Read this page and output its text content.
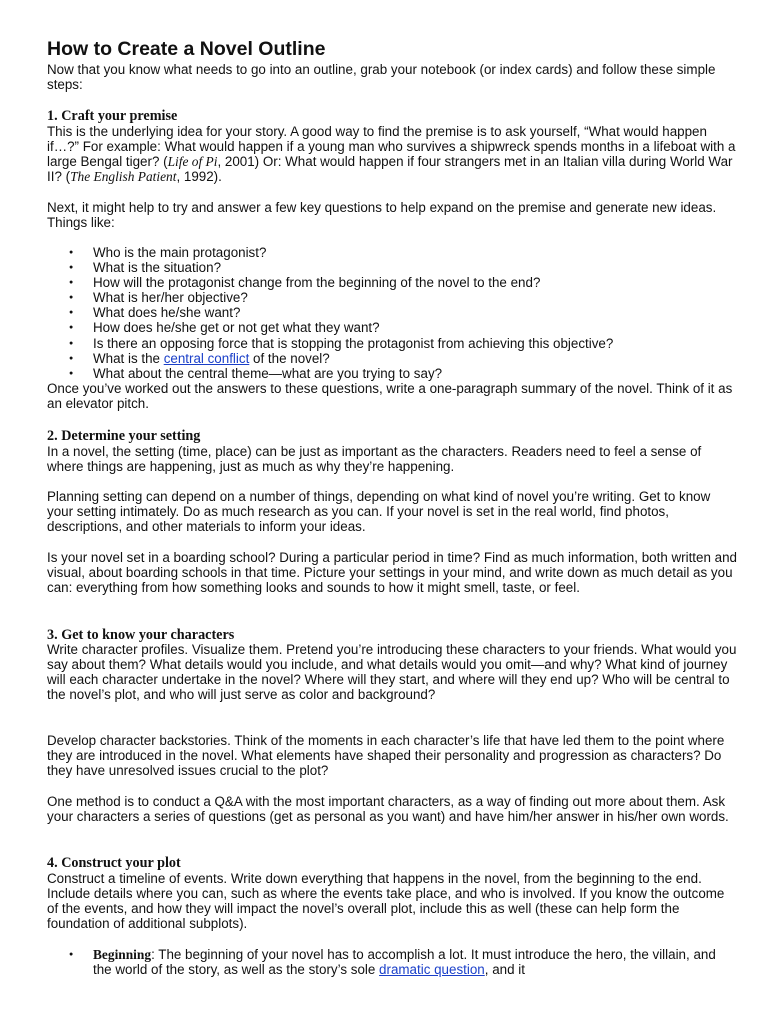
How to Create a Novel Outline

Now that you know what needs to go into an outline, grab your notebook (or index cards) and follow these simple steps:

1. Craft your premise

This is the underlying idea for your story. A good way to find the premise is to ask yourself, “What would happen if…?” For example: What would happen if a young man who survives a shipwreck spends months in a lifeboat with a large Bengal tiger? (Life of Pi, 2001) Or: What would happen if four strangers met in an Italian villa during World War II? (The English Patient, 1992).

Next, it might help to try and answer a few key questions to help expand on the premise and generate new ideas. Things like:

● Who is the main protagonist?
● What is the situation?
● How will the protagonist change from the beginning of the novel to the end?
● What is her/her objective?
● What does he/she want?
● How does he/she get or not get what they want?
● Is there an opposing force that is stopping the protagonist from achieving this objective?
● What is the central conflict of the novel?
● What about the central theme—what are you trying to say?

Once you’ve worked out the answers to these questions, write a one-paragraph summary of the novel. Think of it as an elevator pitch.

2. Determine your setting

In a novel, the setting (time, place) can be just as important as the characters. Readers need to feel a sense of where things are happening, just as much as why they’re happening.

Planning setting can depend on a number of things, depending on what kind of novel you’re writing. Get to know your setting intimately. Do as much research as you can. If your novel is set in the real world, find photos, descriptions, and other materials to inform your ideas.

Is your novel set in a boarding school? During a particular period in time? Find as much information, both written and visual, about boarding schools in that time. Picture your settings in your mind, and write down as much detail as you can: everything from how something looks and sounds to how it might smell, taste, or feel.

3. Get to know your characters

Write character profiles. Visualize them. Pretend you’re introducing these characters to your friends. What would you say about them? What details would you include, and what details would you omit—and why? What kind of journey will each character undertake in the novel? Where will they start, and where will they end up? Who will be central to the novel’s plot, and who will just serve as color and background?

Develop character backstories. Think of the moments in each character’s life that have led them to the point where they are introduced in the novel. What elements have shaped their personality and progression as characters? Do they have unresolved issues crucial to the plot?

One method is to conduct a Q&A with the most important characters, as a way of finding out more about them. Ask your characters a series of questions (get as personal as you want) and have him/her answer in his/her own words.

4. Construct your plot

Construct a timeline of events. Write down everything that happens in the novel, from the beginning to the end. Include details where you can, such as where the events take place, and who is involved. If you know the outcome of the events, and how they will impact the novel’s overall plot, include this as well (these can help form the foundation of additional subplots).

● Beginning: The beginning of your novel has to accomplish a lot. It must introduce the hero, the villain, and the world of the story, as well as the story’s sole dramatic question, and it
